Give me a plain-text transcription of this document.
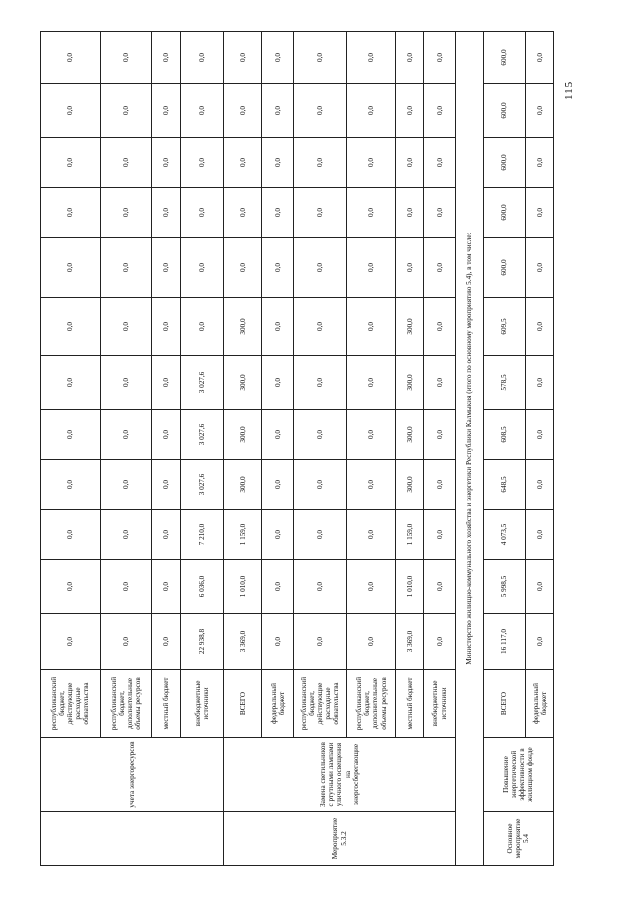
115
	учета энергоресурсов	республиканский бюджет, действующие расходные обязательства	0,0	0,0	0,0	0,0	0,0	0,0	0,0	0,0	0,0	0,0	0,0	0,0
		республиканский бюджет, дополнительные объемы ресурсов	0,0	0,0	0,0	0,0	0,0	0,0	0,0	0,0	0,0	0,0	0,0	0,0
		местный бюджет	0,0	0,0	0,0	0,0	0,0	0,0	0,0	0,0	0,0	0,0	0,0	0,0
		внебюджетные источники	22 938,8	6 036,0	7 210,0	3 027,6	3 027,6	3 027,6	0,0	0,0	0,0	0,0	0,0	0,0
Мероприятие 5.3.2	Замена светильников с ртутными лампами уличного освещения на энергосберегающие	ВСЕГО	3 369,0	1 010,0	1 159,0	300,0	300,0	300,0	300,0	0,0	0,0	0,0	0,0	0,0
		федеральный бюджет	0,0	0,0	0,0	0,0	0,0	0,0	0,0	0,0	0,0	0,0	0,0	0,0
		республиканский бюджет, действующие расходные обязательства	0,0	0,0	0,0	0,0	0,0	0,0	0,0	0,0	0,0	0,0	0,0	0,0
		республиканский бюджет, дополнительные объемы ресурсов	0,0	0,0	0,0	0,0	0,0	0,0	0,0	0,0	0,0	0,0	0,0	0,0
		местный бюджет	3 369,0	1 010,0	1 159,0	300,0	300,0	300,0	300,0	0,0	0,0	0,0	0,0	0,0
		внебюджетные источники	0,0	0,0	0,0	0,0	0,0	0,0	0,0	0,0	0,0	0,0	0,0	0,0
Министерство жилищно-коммунального хозяйства и энергетики Республики Калмыкия (итого по основному мероприятию 5.4), в том числе:														
Основное мероприятие 5.4	Повышение энергетической эффективности в жилищном фонде	ВСЕГО	16 117,0	5 998,5	4 073,5	648,5	608,5	578,5	609,5	600,0	600,0	600,0	600,0	600,0
		федеральный бюджет	0,0	0,0	0,0	0,0	0,0	0,0	0,0	0,0	0,0	0,0	0,0	0,0
